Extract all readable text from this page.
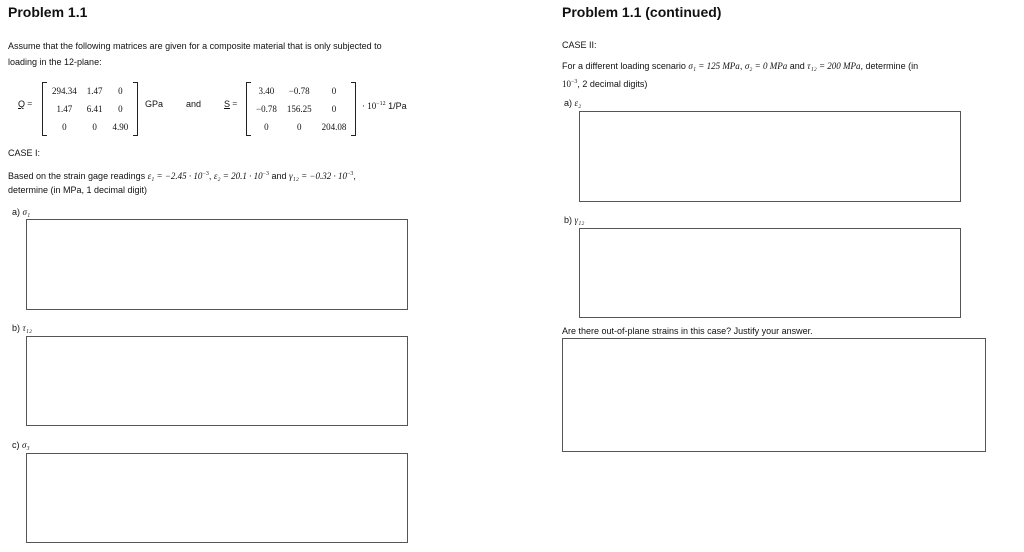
Problem 1.1
Assume that the following matrices are given for a composite material that is only subjected to
loading in the 12-plane:
Q =
294.34	1.47	0
1.47	6.41	0
0	0	4.90
GPa	and	S =
3.40	−0.78	0
−0.78	156.25	0
0	0	204.08
· $10^{-12}$ 1/Pa
CASE I:
Based on the strain gage readings $\varepsilon_1 = -2.45 \cdot 10^{-3}$, $\varepsilon_2 = 20.1 \cdot 10^{-3}$ and $\gamma_{12} = -0.32 \cdot 10^{-3}$,
determine (in MPa, 1 decimal digit)
a) σ₁
b) τ₁₂
c) σ₃
Problem 1.1 (continued)
CASE II:
For a different loading scenario σ₁ = 125 MPa, σ₂ = 0 MPa and τ₁₂ = 200 MPa, determine (in
$10^{-3}$, 2 decimal digits)
a) ε₂
b) γ₁₂
Are there out-of-plane strains in this case? Justify your answer.
